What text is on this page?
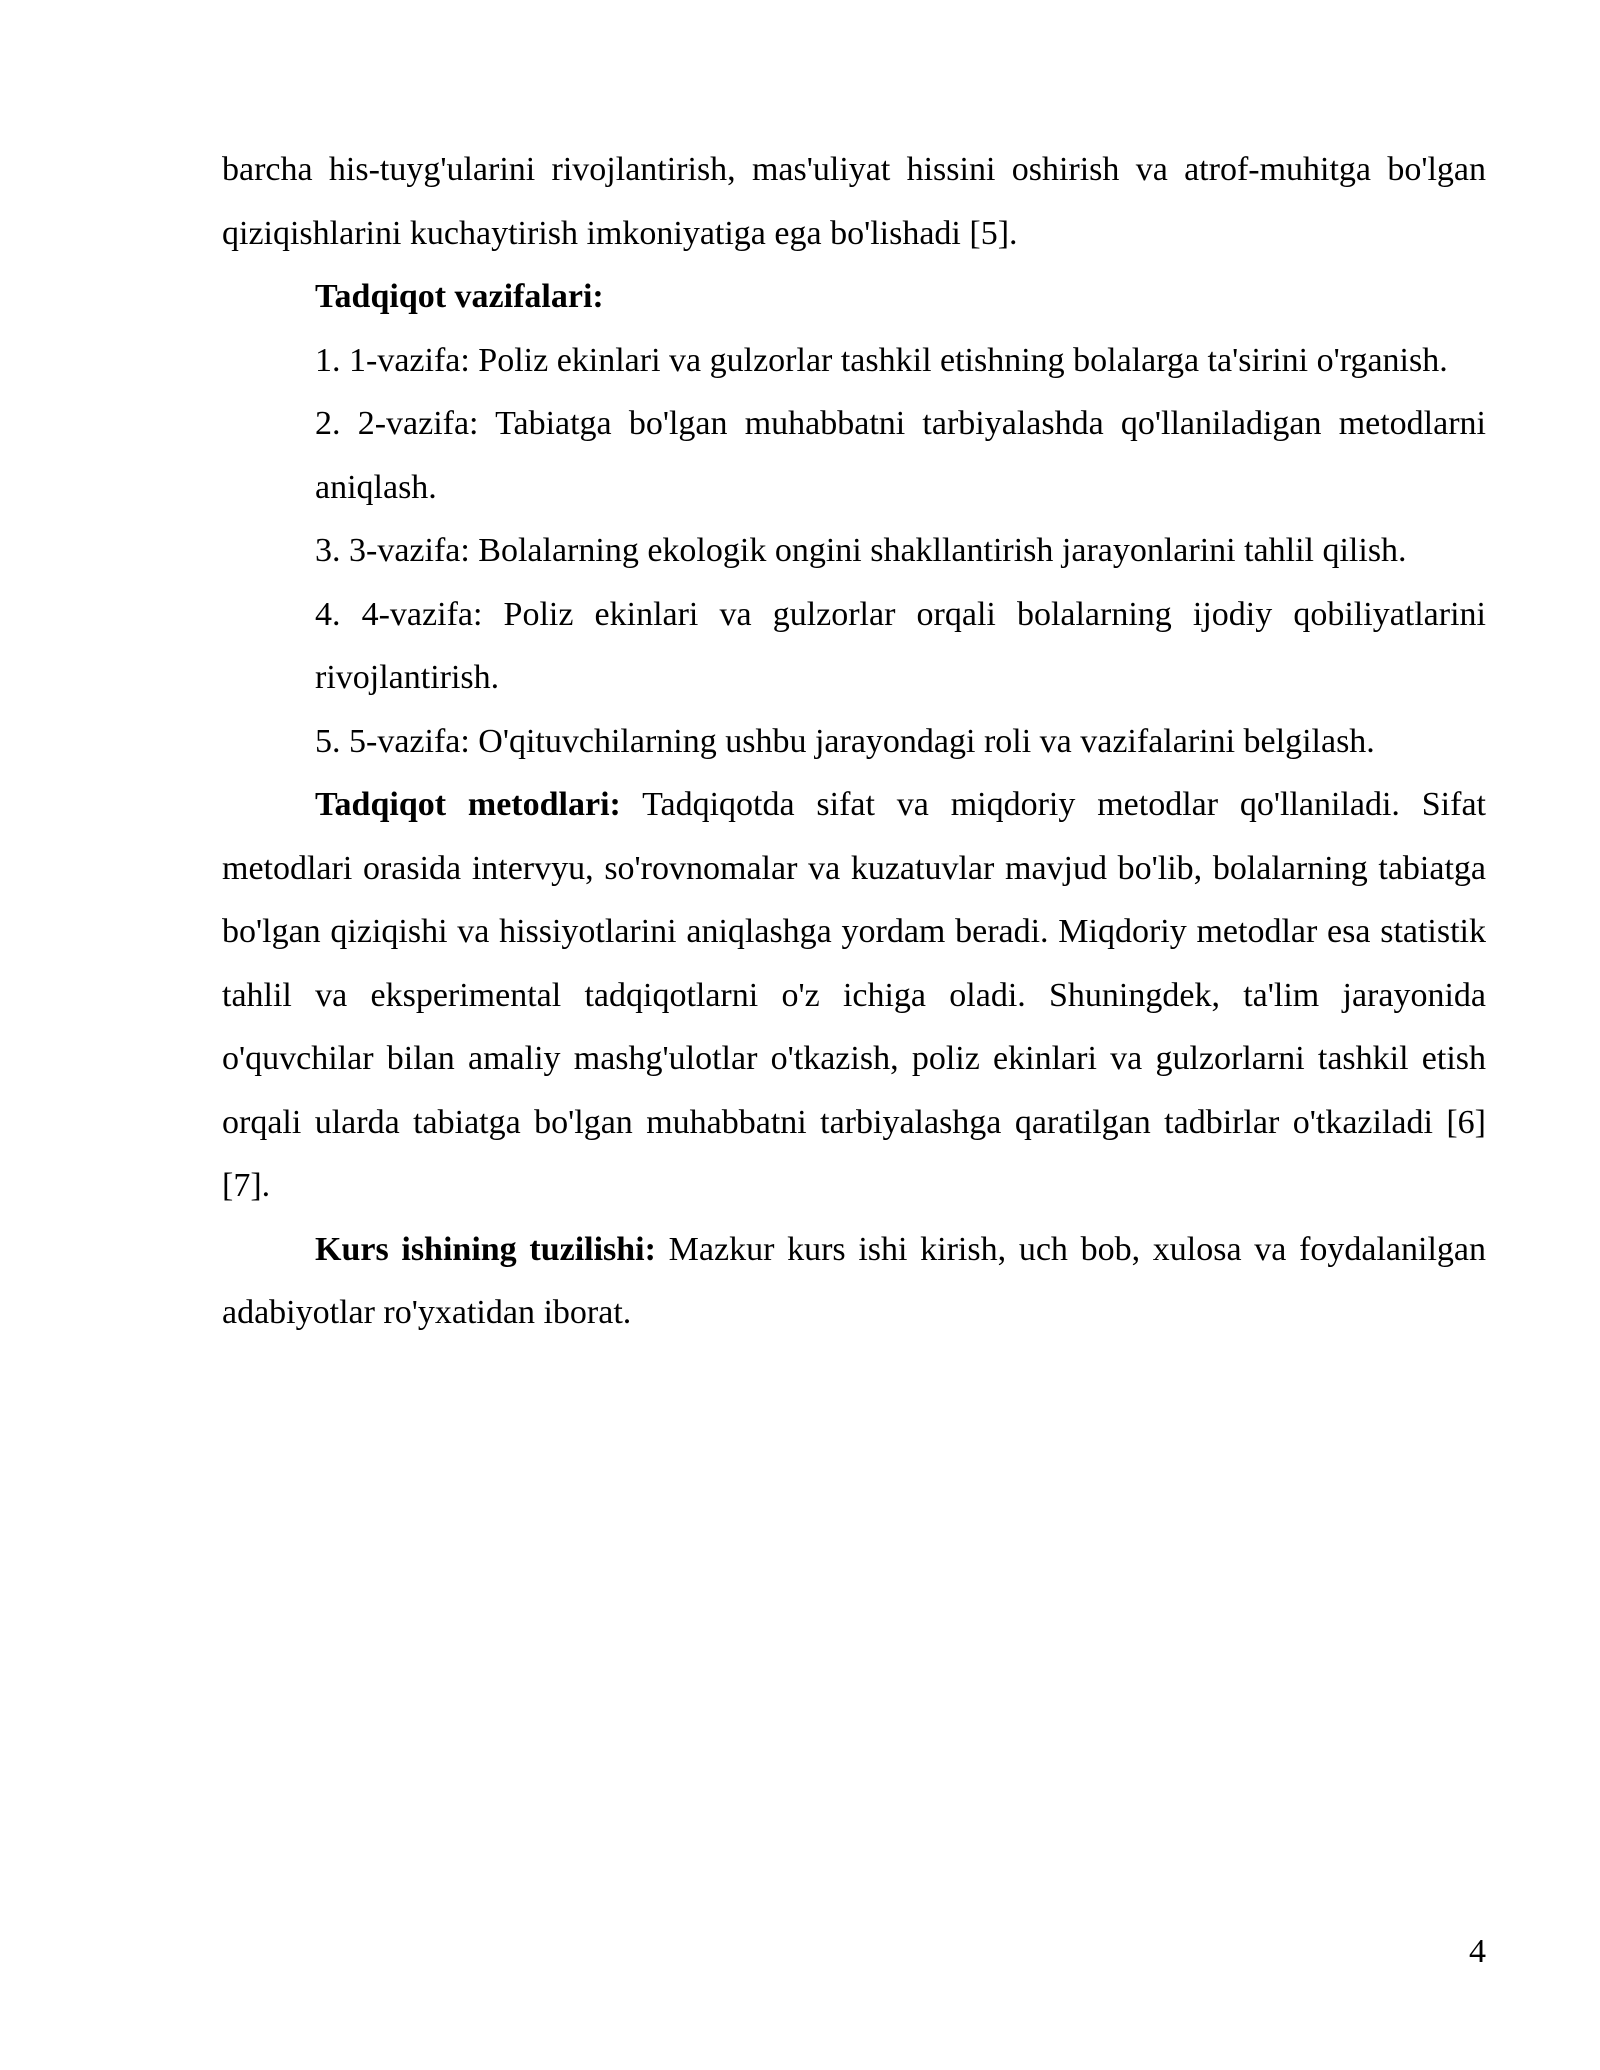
barcha his-tuyg'ularini rivojlantirish, mas'uliyat hissini oshirish va atrof-muhitga bo'lgan qiziqishlarini kuchaytirish imkoniyatiga ega bo'lishadi [5].

Tadqiqot vazifalari:

1. 1-vazifa: Poliz ekinlari va gulzorlar tashkil etishning bolalarga ta'sirini o'rganish.

2. 2-vazifa: Tabiatga bo'lgan muhabbatni tarbiyalashda qo'llaniladigan metodlarni aniqlash.

3. 3-vazifa: Bolalarning ekologik ongini shakllantirish jarayonlarini tahlil qilish.

4. 4-vazifa: Poliz ekinlari va gulzorlar orqali bolalarning ijodiy qobiliyatlarini rivojlantirish.

5. 5-vazifa: O'qituvchilarning ushbu jarayondagi roli va vazifalarini belgilash.

Tadqiqot metodlari: Tadqiqotda sifat va miqdoriy metodlar qo'llaniladi. Sifat metodlari orasida intervyu, so'rovnomalar va kuzatuvlar mavjud bo'lib, bolalarning tabiatga bo'lgan qiziqishi va hissiyotlarini aniqlashga yordam beradi. Miqdoriy metodlar esa statistik tahlil va eksperimental tadqiqotlarni o'z ichiga oladi. Shuningdek, ta'lim jarayonida o'quvchilar bilan amaliy mashg'ulotlar o'tkazish, poliz ekinlari va gulzorlarni tashkil etish orqali ularda tabiatga bo'lgan muhabbatni tarbiyalashga qaratilgan tadbirlar o'tkaziladi [6][7].

Kurs ishining tuzilishi: Mazkur kurs ishi kirish, uch bob, xulosa va foydalanilgan adabiyotlar ro'yxatidan iborat.

4
